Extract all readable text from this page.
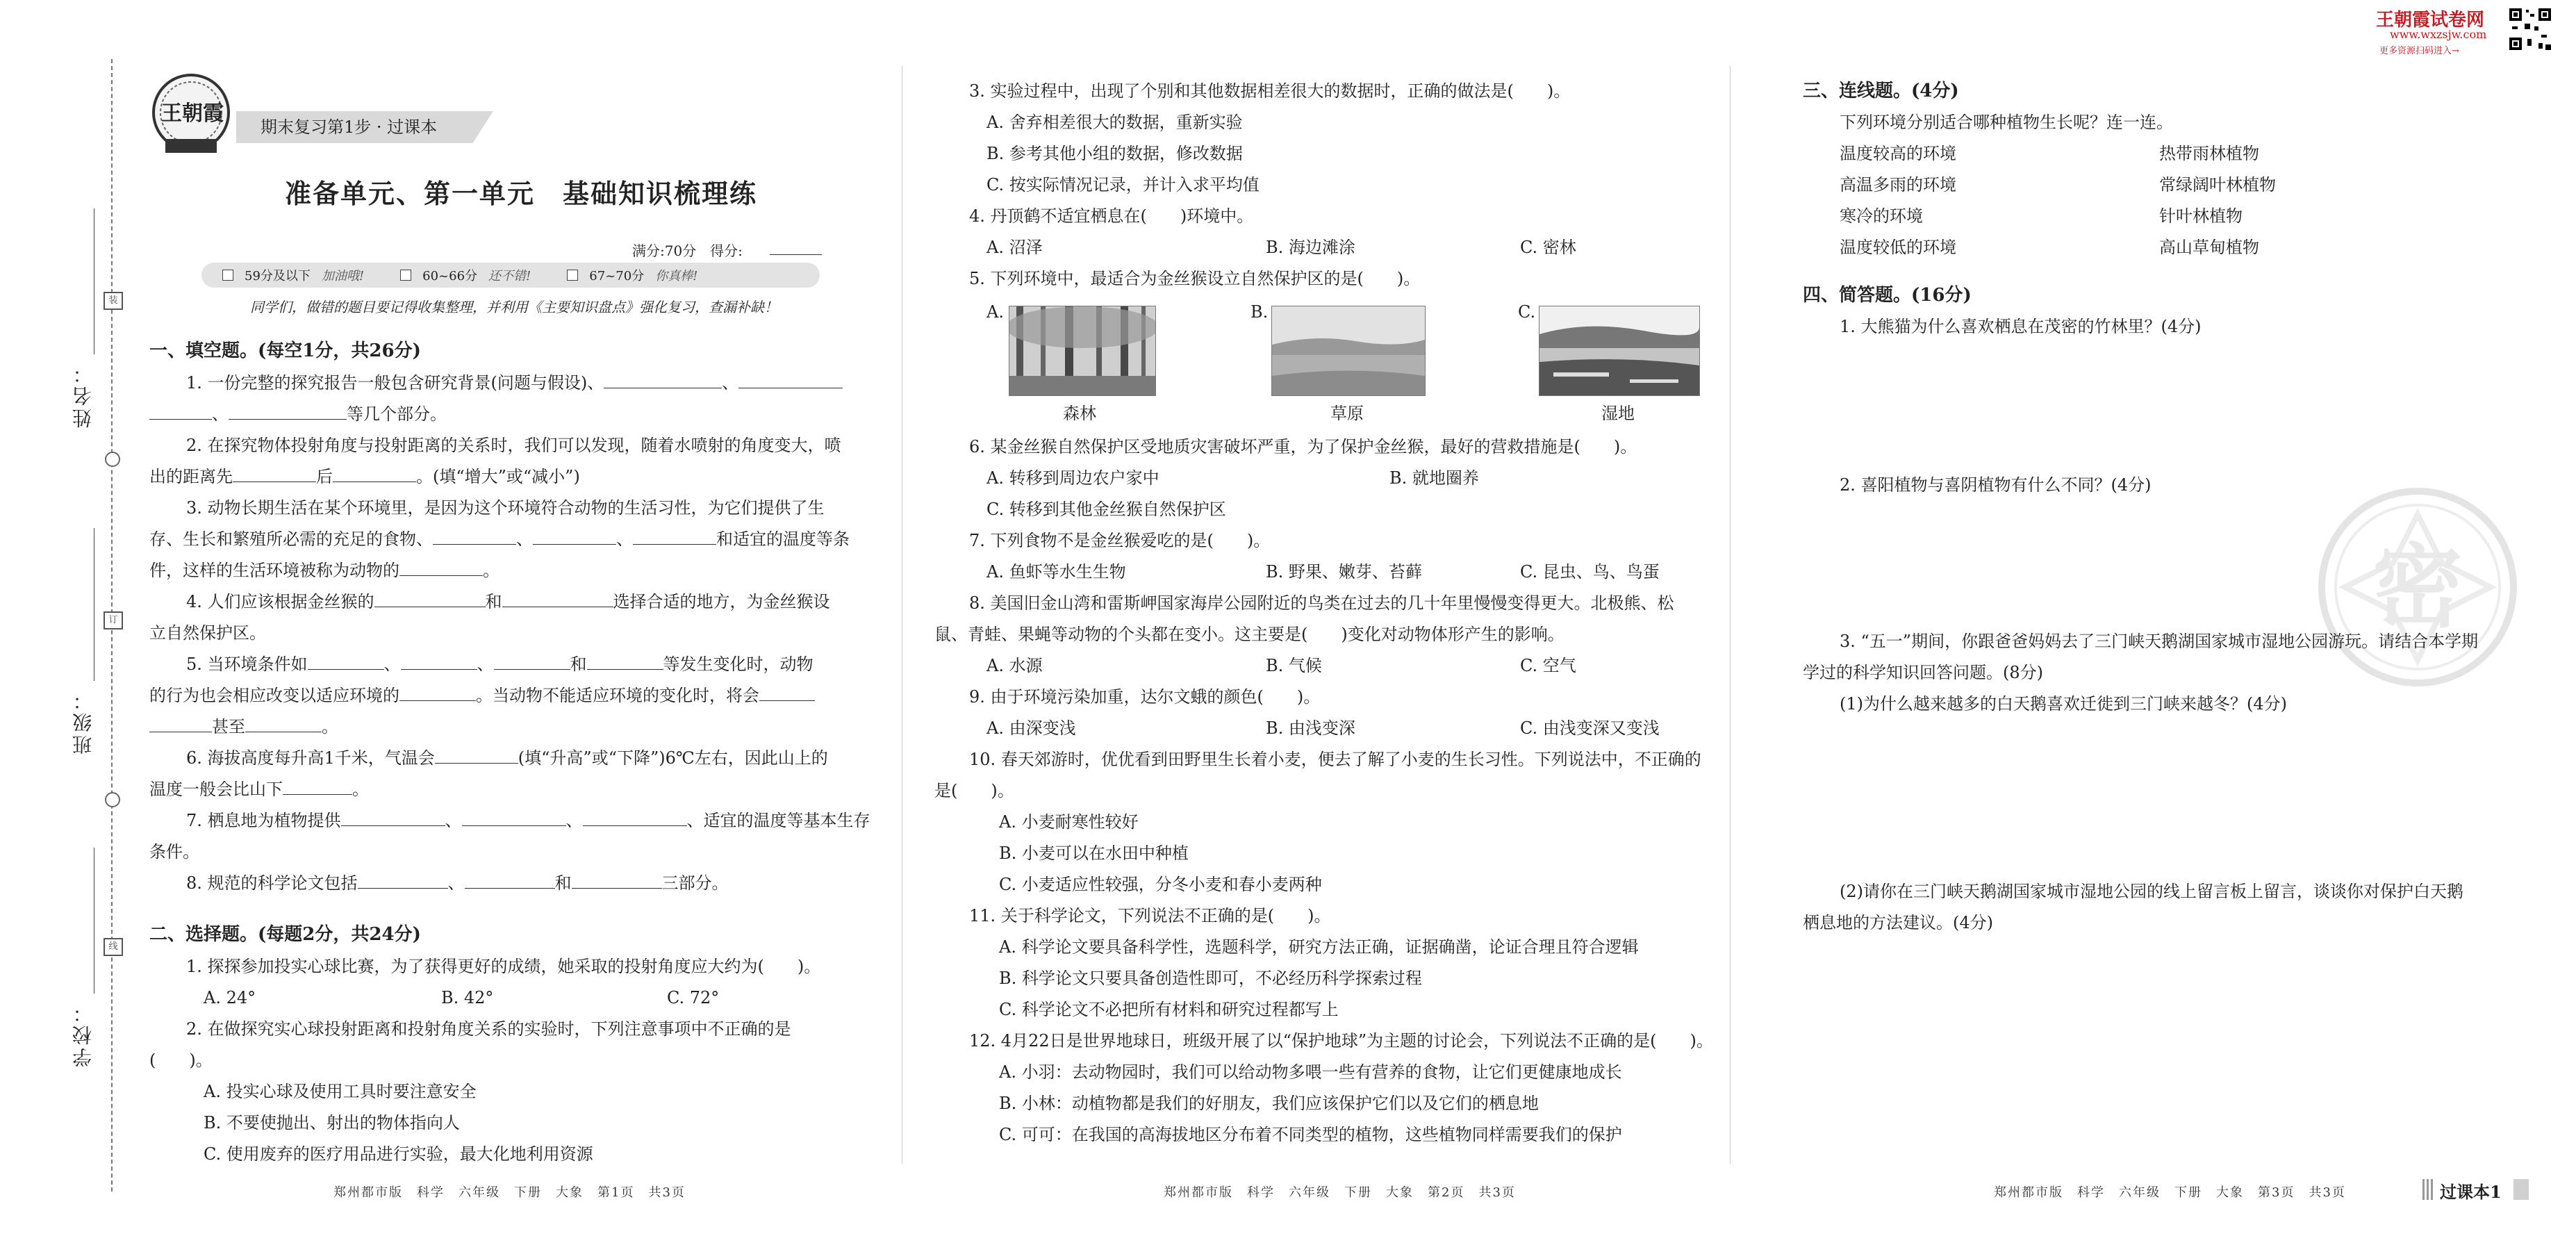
装
订
线
姓名：
班级：
学校：
王朝霞
期末复习第1步 · 过课本
准备单元、第一单元　基础知识梳理练
满分:70分　得分:
59分及以下 加油哦!	60~66分 还不错!	67~70分 你真棒!
同学们，做错的题目要记得收集整理，并利用《主要知识盘点》强化复习，查漏补缺！
一、填空题。(每空1分，共26分)
1. 一份完整的探究报告一般包含研究背景(问题与假设)、	、
、	等几个部分。
2. 在探究物体投射角度与投射距离的关系时，我们可以发现，随着水喷射的角度变大，喷
出的距离先	后	。(填“增大”或“减小”)
3. 动物长期生活在某个环境里，是因为这个环境符合动物的生活习性，为它们提供了生
存、生长和繁殖所必需的充足的食物、	、	、	和适宜的温度等条
件，这样的生活环境被称为动物的	。
4. 人们应该根据金丝猴的	和	选择合适的地方，为金丝猴设
立自然保护区。
5. 当环境条件如	、	、	和	等发生变化时，动物
的行为也会相应改变以适应环境的	。当动物不能适应环境的变化时，将会
甚至	。
6. 海拔高度每升高1千米，气温会	(填“升高”或“下降”)6℃左右，因此山上的
温度一般会比山下	。
7. 栖息地为植物提供	、	、	、适宜的温度等基本生存
条件。
8. 规范的科学论文包括	、	和	三部分。
二、选择题。(每题2分，共24分)
1. 探探参加投实心球比赛，为了获得更好的成绩，她采取的投射角度应大约为(　　)。
A. 24°	B. 42°	C. 72°
2. 在做探究实心球投射距离和投射角度关系的实验时，下列注意事项中不正确的是
(　　)。
A. 投实心球及使用工具时要注意安全
B. 不要使抛出、射出的物体指向人
C. 使用废弃的医疗用品进行实验，最大化地利用资源
郑州都市版　科学　六年级　下册　大象　第1页　共3页
3. 实验过程中，出现了个别和其他数据相差很大的数据时，正确的做法是(　　)。
A. 舍弃相差很大的数据，重新实验
B. 参考其他小组的数据，修改数据
C. 按实际情况记录，并计入求平均值
4. 丹顶鹤不适宜栖息在(　　)环境中。
A. 沼泽	B. 海边滩涂	C. 密林
5. 下列环境中，最适合为金丝猴设立自然保护区的是(　　)。
A.	B.	C.
森林	草原	湿地
6. 某金丝猴自然保护区受地质灾害破坏严重，为了保护金丝猴，最好的营救措施是(　　)。
A. 转移到周边农户家中	B. 就地圈养
C. 转移到其他金丝猴自然保护区
7. 下列食物不是金丝猴爱吃的是(　　)。
A. 鱼虾等水生生物	B. 野果、嫩芽、苔藓	C. 昆虫、鸟、鸟蛋
8. 美国旧金山湾和雷斯岬国家海岸公园附近的鸟类在过去的几十年里慢慢变得更大。北极熊、松
鼠、青蛙、果蝇等动物的个头都在变小。这主要是(　　)变化对动物体形产生的影响。
A. 水源	B. 气候	C. 空气
9. 由于环境污染加重，达尔文蛾的颜色(　　)。
A. 由深变浅	B. 由浅变深	C. 由浅变深又变浅
10. 春天郊游时，优优看到田野里生长着小麦，便去了解了小麦的生长习性。下列说法中，不正确的
是(　　)。
A. 小麦耐寒性较好
B. 小麦可以在水田中种植
C. 小麦适应性较强，分冬小麦和春小麦两种
11. 关于科学论文，下列说法不正确的是(　　)。
A. 科学论文要具备科学性，选题科学，研究方法正确，证据确凿，论证合理且符合逻辑
B. 科学论文只要具备创造性即可，不必经历科学探索过程
C. 科学论文不必把所有材料和研究过程都写上
12. 4月22日是世界地球日，班级开展了以“保护地球”为主题的讨论会，下列说法不正确的是(　　)。
A. 小羽：去动物园时，我们可以给动物多喂一些有营养的食物，让它们更健康地成长
B. 小林：动植物都是我们的好朋友，我们应该保护它们以及它们的栖息地
C. 可可：在我国的高海拔地区分布着不同类型的植物，这些植物同样需要我们的保护
郑州都市版　科学　六年级　下册　大象　第2页　共3页
王朝霞试卷网
www.wxzsjw.com
更多资源扫码进入→
三、连线题。(4分)
下列环境分别适合哪种植物生长呢？连一连。
温度较高的环境
高温多雨的环境
寒冷的环境
温度较低的环境
热带雨林植物
常绿阔叶林植物
针叶林植物
高山草甸植物
四、简答题。(16分)
1. 大熊猫为什么喜欢栖息在茂密的竹林里？(4分)
2. 喜阳植物与喜阴植物有什么不同？(4分)
密
3. “五一”期间，你跟爸爸妈妈去了三门峡天鹅湖国家城市湿地公园游玩。请结合本学期
学过的科学知识回答问题。(8分)
(1)为什么越来越多的白天鹅喜欢迁徙到三门峡来越冬？(4分)
(2)请你在三门峡天鹅湖国家城市湿地公园的线上留言板上留言，谈谈你对保护白天鹅
栖息地的方法建议。(4分)
郑州都市版　科学　六年级　下册　大象　第3页　共3页	过课本1
